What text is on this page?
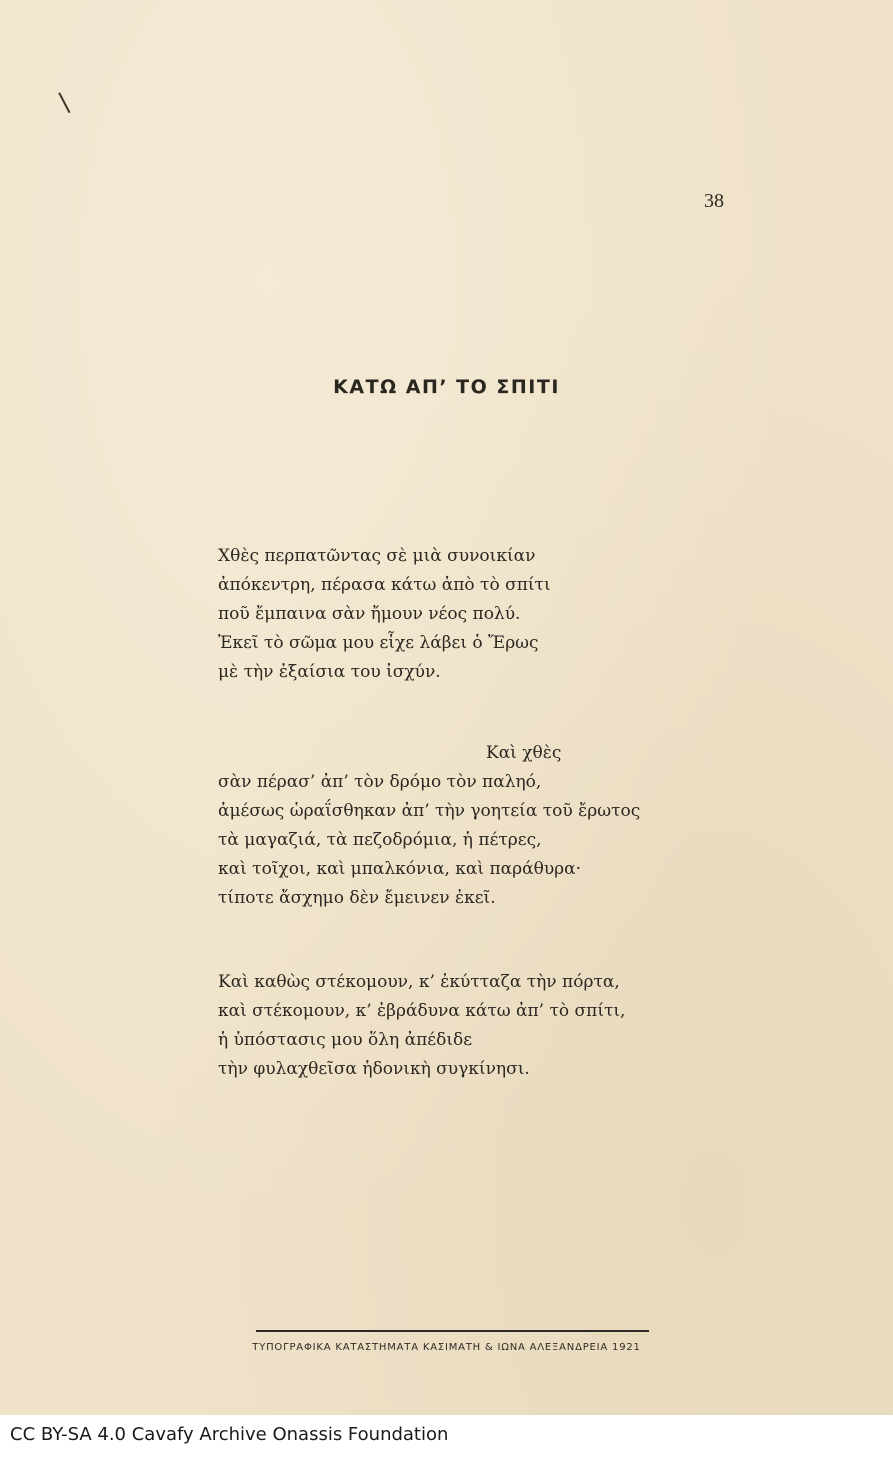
\
38
ΚΑΤΩ ΑΠ’ ΤΟ ΣΠΙΤΙ
Χθὲς περπατῶντας σὲ μιὰ συνοικίαν
ἀπόκεντρη, πέρασα κάτω ἀπὸ τὸ σπίτι
ποῦ ἔμπαινα σὰν ἤμουν νέος πολύ.
Ἐκεῖ τὸ σῶμα μου εἶχε λάβει ὁ Ἔρως
μὲ τὴν ἐξαίσια του ἰσχύν.
Καὶ χθὲς
σὰν πέρασ’ ἀπ’ τὸν δρόμο τὸν παληό,
ἀμέσως ὡραΐσθηκαν ἀπ’ τὴν γοητεία τοῦ ἔρωτος
τὰ μαγαζιά, τὰ πεζοδρόμια, ἡ πέτρες,
καὶ τοῖχοι, καὶ μπαλκόνια, καὶ παράθυρα·
τίποτε ἄσχημο δὲν ἔμεινεν ἐκεῖ.
Καὶ καθὼς στέκομουν, κ’ ἐκύτταζα τὴν πόρτα,
καὶ στέκομουν, κ’ ἐβράδυνα κάτω ἀπ’ τὸ σπίτι,
ἡ ὑπόστασις μου ὅλη ἀπέδιδε
τὴν φυλαχθεῖσα ἡδονικὴ συγκίνησι.
ΤΥΠΟΓΡΑΦΙΚΑ ΚΑΤΑΣΤΗΜΑΤΑ ΚΑΣΙΜΑΤΗ & ΙΩΝΑ ΑΛΕΞΑΝΔΡΕΙΑ 1921
CC BY-SA 4.0 Cavafy Archive Onassis Foundation
